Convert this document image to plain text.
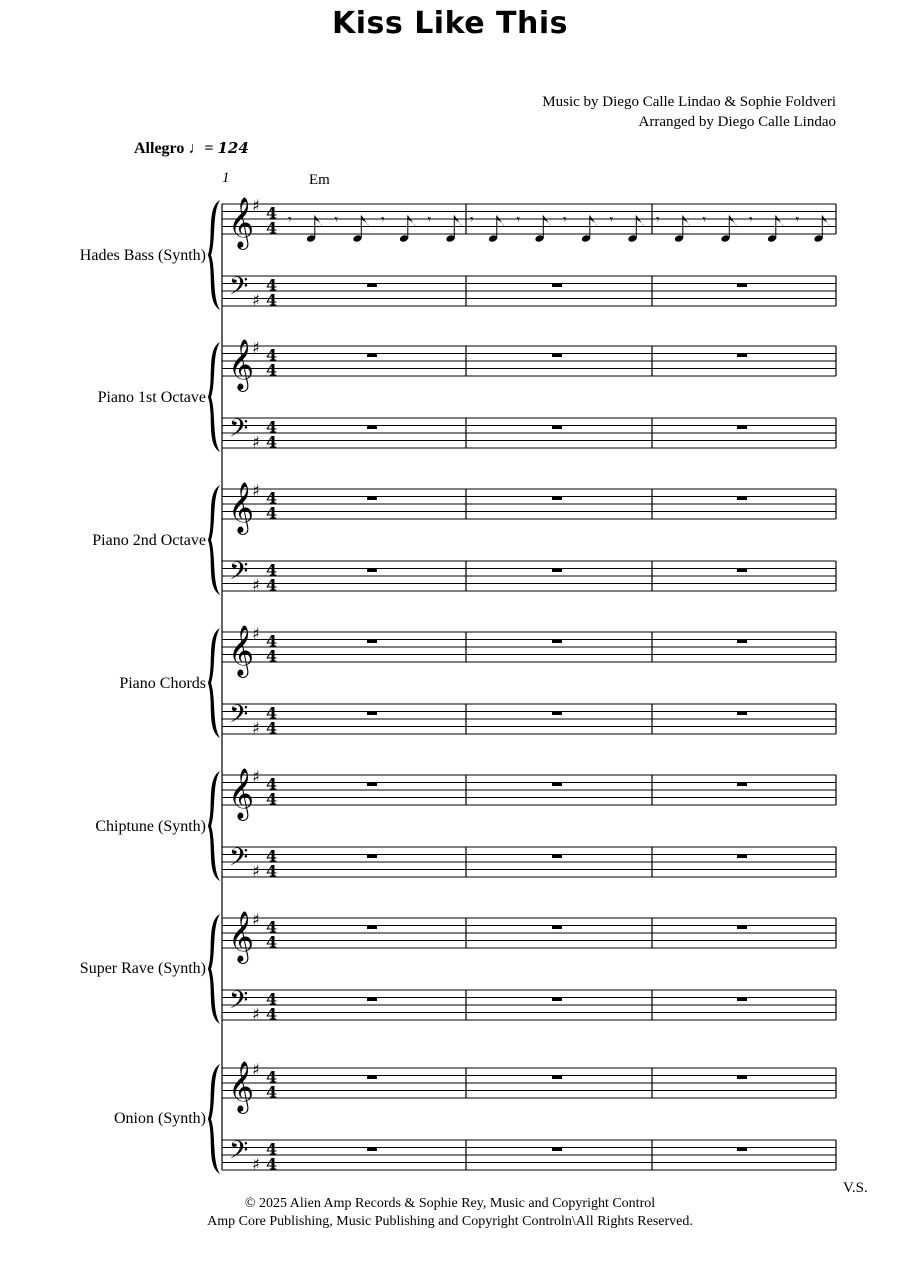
Kiss Like This
Music by Diego Calle Lindao & Sophie Foldveri
Arranged by Diego Calle Lindao
Allegro ♩= 124
1	Em
Hades Bass (Synth)
Piano 1st Octave
Piano 2nd Octave
Piano Chords
Chiptune (Synth)
Super Rave (Synth)
Onion (Synth)
𝄞
♯ 4
4
𝄢 ♯
4
4
𝄾	𝄾	𝄾	𝄾	𝄾	𝄾	𝄾	𝄾	𝄾	𝄾	𝄾	𝄾
𝄞
♯ 4
4
𝄢 ♯
4
4
𝄞
♯ 4
4
𝄢 ♯
4
4
𝄞
♯ 4
4
𝄢 ♯
4
4
𝄞
♯ 4
4
𝄢 ♯
4
4
𝄞
♯ 4
4
𝄢 ♯
4
4
𝄞
♯ 4
4
𝄢 ♯
4
4
V.S.
© 2025 Alien Amp Records & Sophie Rey, Music and Copyright Control
Amp Core Publishing, Music Publishing and Copyright Controln\All Rights Reserved.
